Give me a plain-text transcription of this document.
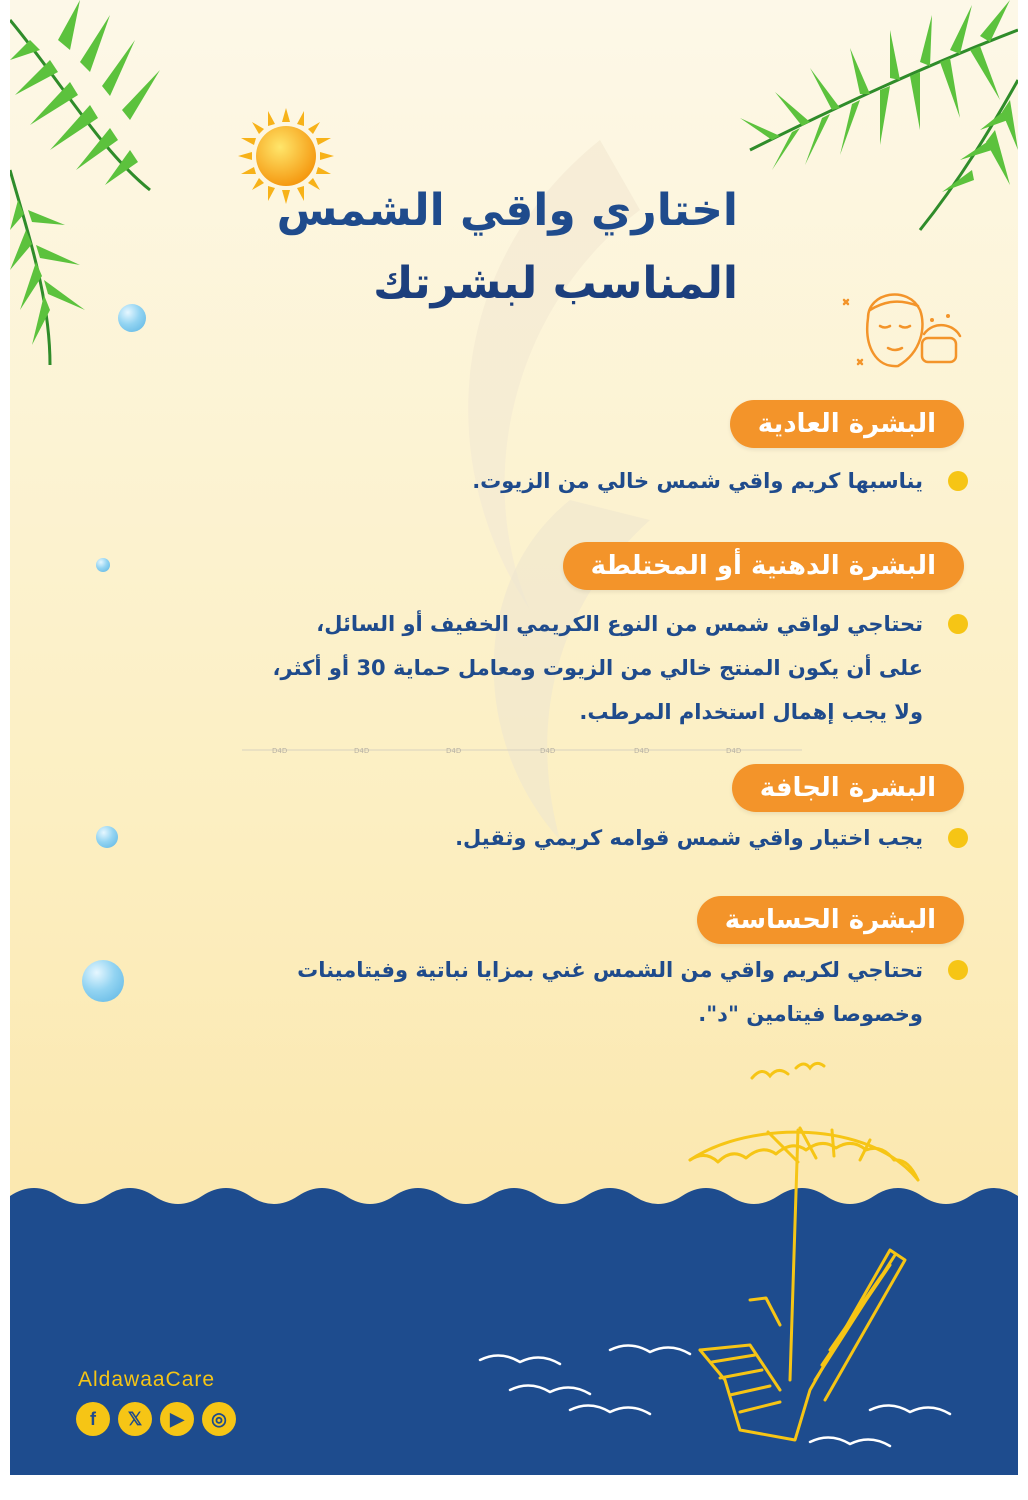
اختاري واقي الشمس
المناسب لبشرتك
البشرة العادية
يناسبها كريم واقي شمس خالي من الزيوت.
البشرة الدهنية أو المختلطة
تحتاجي لواقي شمس من النوع الكريمي الخفيف أو السائل،
على أن يكون المنتج خالي من الزيوت ومعامل حماية 30 أو أكثر،
ولا يجب إهمال استخدام المرطب.
D4D	D4D	D4D	D4D	D4D	D4D
البشرة الجافة
يجب اختيار واقي شمس قوامه كريمي وثقيل.
البشرة الحساسة
تحتاجي لكريم واقي من الشمس غني بمزايا نباتية وفيتامينات
وخصوصا فيتامين "د".
AldawaaCare
f	𝕏	▶	◎
